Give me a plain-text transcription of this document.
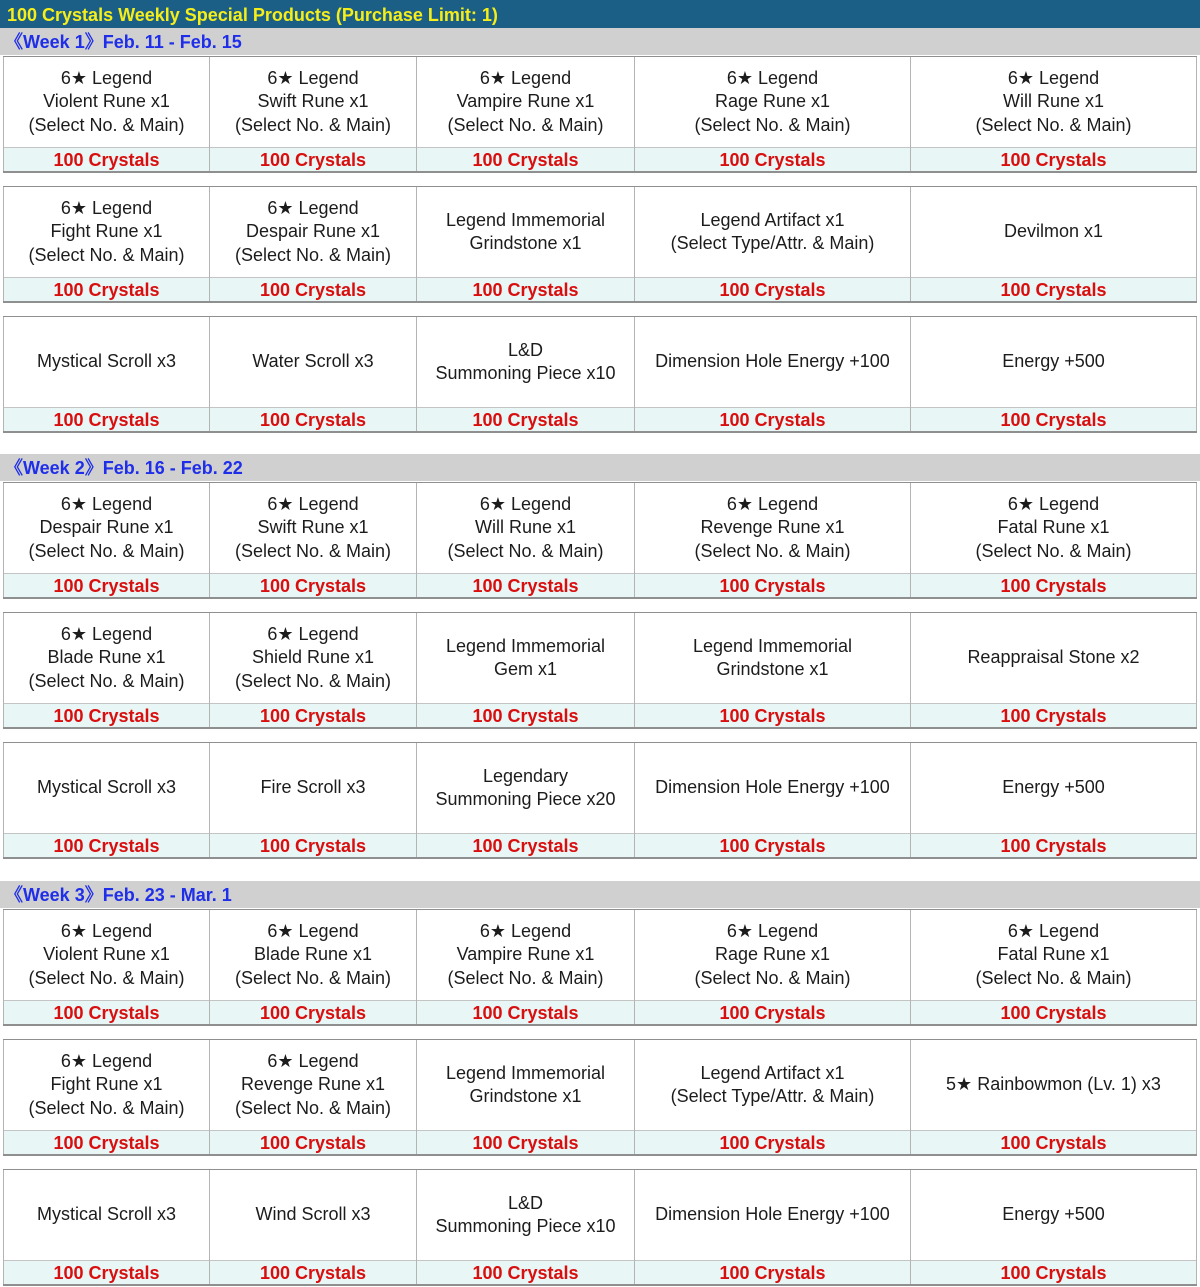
100 Crystals Weekly Special Products (Purchase Limit: 1)
《Week 1》Feb. 11 - Feb. 15
6★ Legend
Violent Rune x1
(Select No. & Main)
100 Crystals
6★ Legend
Swift Rune x1
(Select No. & Main)
100 Crystals
6★ Legend
Vampire Rune x1
(Select No. & Main)
100 Crystals
6★ Legend
Rage Rune x1
(Select No. & Main)
100 Crystals
6★ Legend
Will Rune x1
(Select No. & Main)
100 Crystals
6★ Legend
Fight Rune x1
(Select No. & Main)
100 Crystals
6★ Legend
Despair Rune x1
(Select No. & Main)
100 Crystals
Legend Immemorial
Grindstone x1
100 Crystals
Legend Artifact x1
(Select Type/Attr. & Main)
100 Crystals
Devilmon x1
100 Crystals
Mystical Scroll x3
100 Crystals
Water Scroll x3
100 Crystals
L&D
Summoning Piece x10
100 Crystals
Dimension Hole Energy +100
100 Crystals
Energy +500
100 Crystals
《Week 2》Feb. 16 - Feb. 22
6★ Legend
Despair Rune x1
(Select No. & Main)
100 Crystals
6★ Legend
Swift Rune x1
(Select No. & Main)
100 Crystals
6★ Legend
Will Rune x1
(Select No. & Main)
100 Crystals
6★ Legend
Revenge Rune x1
(Select No. & Main)
100 Crystals
6★ Legend
Fatal Rune x1
(Select No. & Main)
100 Crystals
6★ Legend
Blade Rune x1
(Select No. & Main)
100 Crystals
6★ Legend
Shield Rune x1
(Select No. & Main)
100 Crystals
Legend Immemorial
Gem x1
100 Crystals
Legend Immemorial
Grindstone x1
100 Crystals
Reappraisal Stone x2
100 Crystals
Mystical Scroll x3
100 Crystals
Fire Scroll x3
100 Crystals
Legendary
Summoning Piece x20
100 Crystals
Dimension Hole Energy +100
100 Crystals
Energy +500
100 Crystals
《Week 3》Feb. 23 - Mar. 1
6★ Legend
Violent Rune x1
(Select No. & Main)
100 Crystals
6★ Legend
Blade Rune x1
(Select No. & Main)
100 Crystals
6★ Legend
Vampire Rune x1
(Select No. & Main)
100 Crystals
6★ Legend
Rage Rune x1
(Select No. & Main)
100 Crystals
6★ Legend
Fatal Rune x1
(Select No. & Main)
100 Crystals
6★ Legend
Fight Rune x1
(Select No. & Main)
100 Crystals
6★ Legend
Revenge Rune x1
(Select No. & Main)
100 Crystals
Legend Immemorial
Grindstone x1
100 Crystals
Legend Artifact x1
(Select Type/Attr. & Main)
100 Crystals
5★ Rainbowmon (Lv. 1) x3
100 Crystals
Mystical Scroll x3
100 Crystals
Wind Scroll x3
100 Crystals
L&D
Summoning Piece x10
100 Crystals
Dimension Hole Energy +100
100 Crystals
Energy +500
100 Crystals
